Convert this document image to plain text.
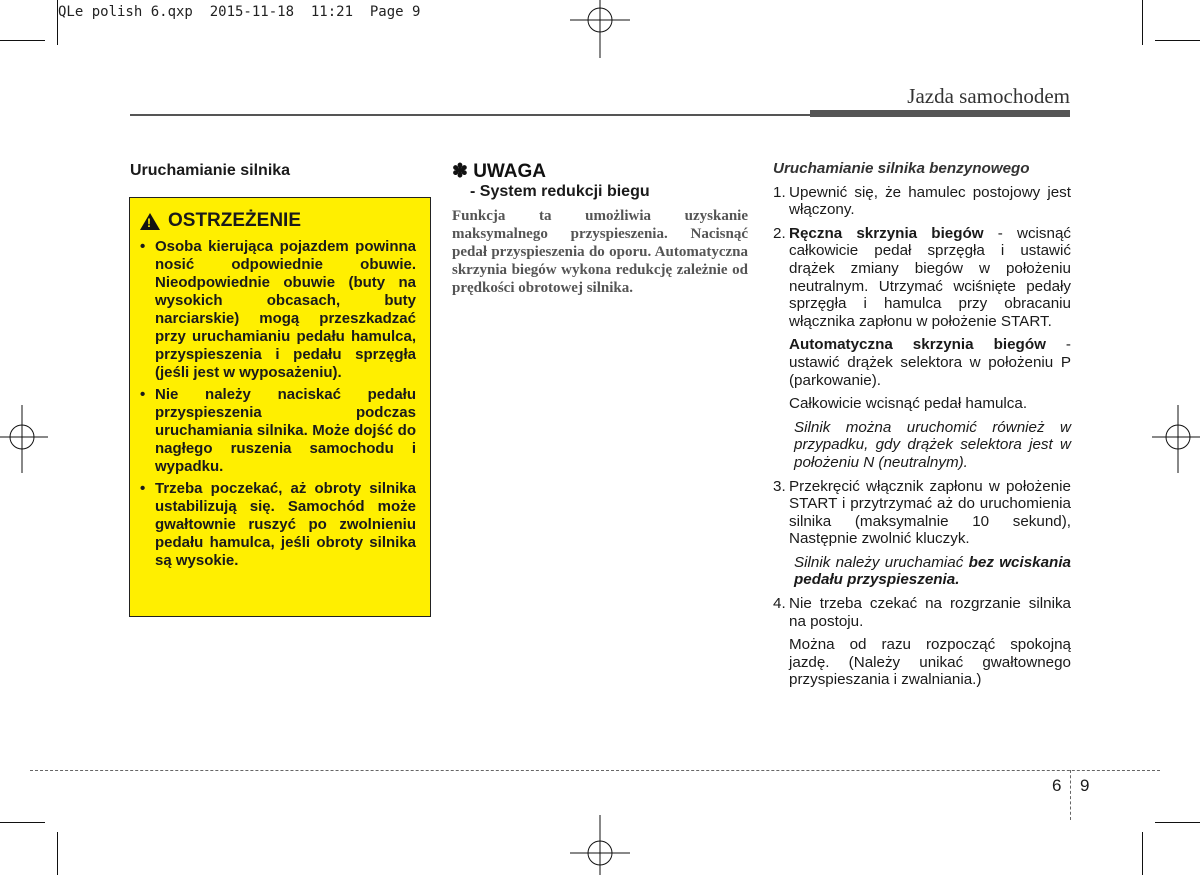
QLe polish 6.qxp  2015-11-18  11:21  Page 9
Jazda samochodem
Uruchamianie silnika
! OSTRZEŻENIE
• Osoba kierująca pojazdem powinna nosić odpowiednie obuwie. Nieodpowiednie obuwie (buty na wysokich obcasach, buty narciarskie) mogą przeszkadzać przy uruchamianiu pedału hamulca, przyspieszenia i pedału sprzęgła (jeśli jest w wyposażeniu).
• Nie należy naciskać pedału przyspieszenia podczas uruchamiania silnika. Może dojść do nagłego ruszenia samochodu i wypadku.
• Trzeba poczekać, aż obroty silnika ustabilizują się. Samochód może gwałtownie ruszyć po zwolnieniu pedału hamulca, jeśli obroty silnika są wysokie.
✽ UWAGA
- System redukcji biegu
Funkcja ta umożliwia uzyskanie maksymalnego przyspieszenia. Nacisnąć pedał przyspieszenia do oporu. Automatyczna skrzynia biegów wykona redukcję zależnie od prędkości obrotowej silnika.
Uruchamianie silnika benzynowego
1. Upewnić się, że hamulec postojowy jest włączony.
2. Ręczna skrzynia biegów - wcisnąć całkowicie pedał sprzęgła i ustawić drążek zmiany biegów w położeniu neutralnym. Utrzymać wciśnięte pedały sprzęgła i hamulca przy obracaniu włącznika zapłonu w położenie START.
Automatyczna skrzynia biegów - ustawić drążek selektora w położeniu P (parkowanie).
Całkowicie wcisnąć pedał hamulca.
Silnik można uruchomić również w przypadku, gdy drążek selektora jest w położeniu N (neutralnym).
3. Przekręcić włącznik zapłonu w położenie START i przytrzymać aż do uruchomienia silnika (maksymalnie 10 sekund), Następnie zwolnić kluczyk.
Silnik należy uruchamiać bez wciskania pedału przyspieszenia.
4. Nie trzeba czekać na rozgrzanie silnika na postoju.
Można od razu rozpocząć spokojną jazdę. (Należy unikać gwałtownego przyspieszania i zwalniania.)
6 9
